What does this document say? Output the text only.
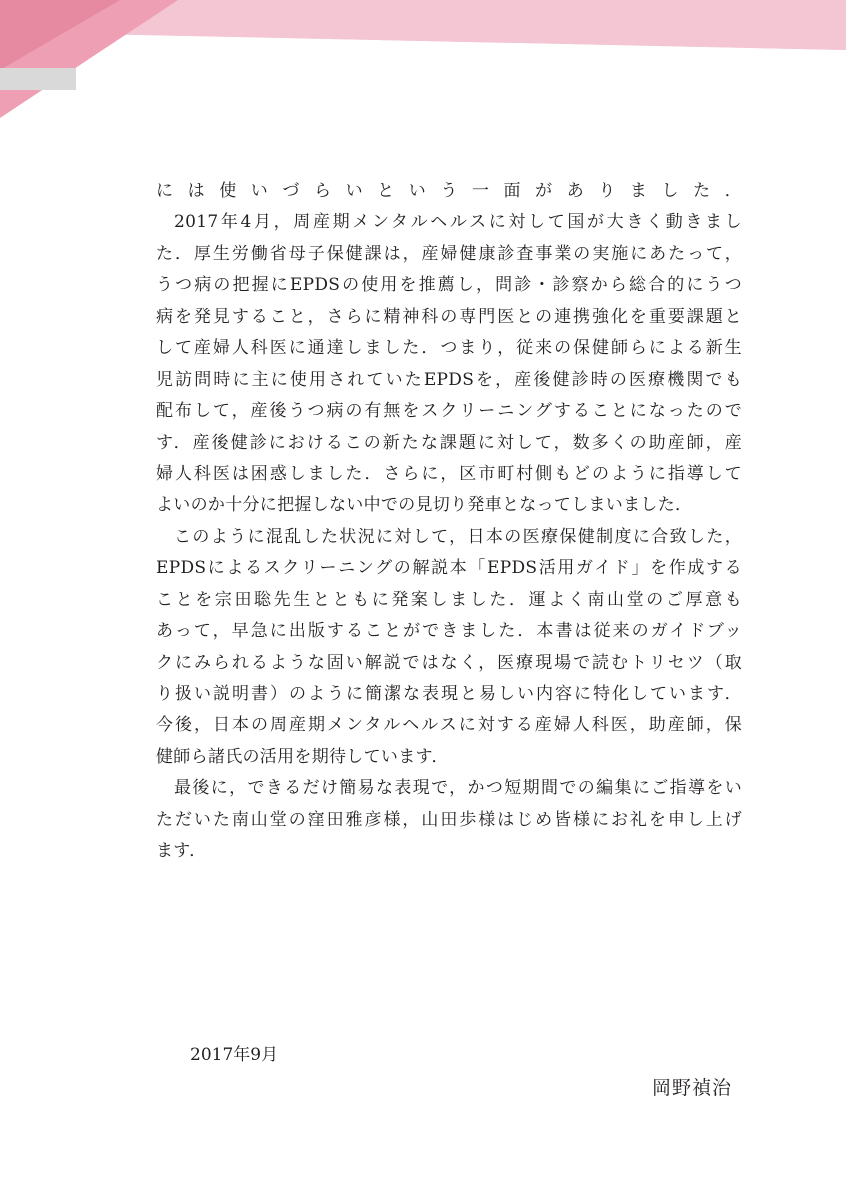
には使いづらいという一面がありました．
2017年4月，周産期メンタルヘルスに対して国が大きく動きまし
た．厚生労働省母子保健課は，産婦健康診査事業の実施にあたって，
うつ病の把握にEPDSの使用を推薦し，問診・診察から総合的にうつ
病を発見すること，さらに精神科の専門医との連携強化を重要課題と
して産婦人科医に通達しました．つまり，従来の保健師らによる新生
児訪問時に主に使用されていたEPDSを，産後健診時の医療機関でも
配布して，産後うつ病の有無をスクリーニングすることになったので
す．産後健診におけるこの新たな課題に対して，数多くの助産師，産
婦人科医は困惑しました．さらに，区市町村側もどのように指導して
よいのか十分に把握しない中での見切り発車となってしまいました．
このように混乱した状況に対して，日本の医療保健制度に合致した，
EPDSによるスクリーニングの解説本「EPDS活用ガイド」を作成する
ことを宗田聡先生とともに発案しました．運よく南山堂のご厚意も
あって，早急に出版することができました．本書は従来のガイドブッ
クにみられるような固い解説ではなく，医療現場で読むトリセツ（取
り扱い説明書）のように簡潔な表現と易しい内容に特化しています．
今後，日本の周産期メンタルヘルスに対する産婦人科医，助産師，保
健師ら諸氏の活用を期待しています．
最後に，できるだけ簡易な表現で，かつ短期間での編集にご指導をい
ただいた南山堂の窪田雅彦様，山田歩様はじめ皆様にお礼を申し上げ
ます．
2017年9月
岡野禎治
